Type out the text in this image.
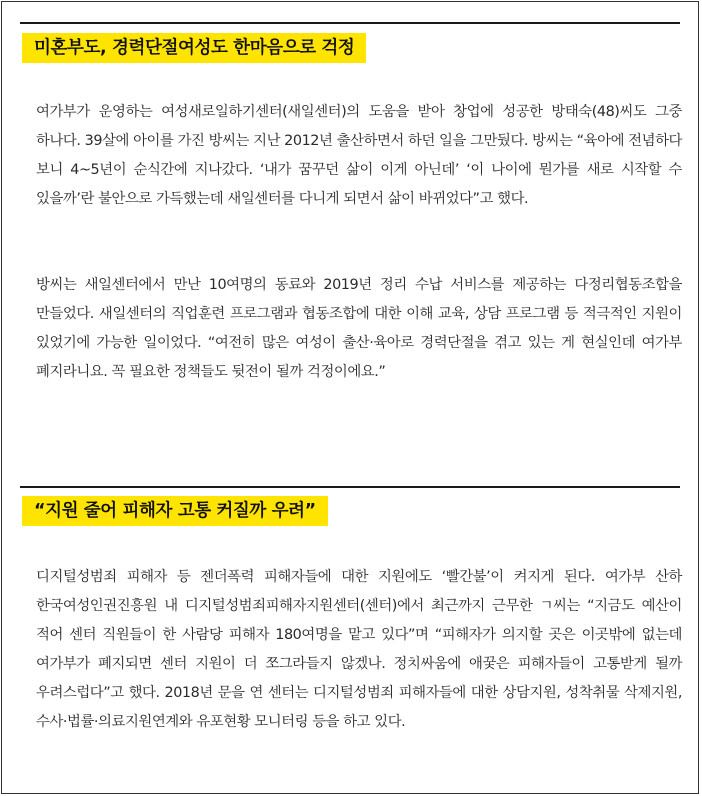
미혼부도, 경력단절여성도 한마음으로 걱정

여가부가 운영하는 여성새로일하기센터(새일센터)의 도움을 받아 창업에 성공한 방태숙(48)씨도 그중 하나다. 39살에 아이를 가진 방씨는 지난 2012년 출산하면서 하던 일을 그만뒀다. 방씨는 “육아에 전념하다 보니 4~5년이 순식간에 지나갔다. ‘내가 꿈꾸던 삶이 이게 아닌데’ ‘이 나이에 뭔가를 새로 시작할 수 있을까’란 불안으로 가득했는데 새일센터를 다니게 되면서 삶이 바뀌었다”고 했다.

방씨는 새일센터에서 만난 10여명의 동료와 2019년 정리 수납 서비스를 제공하는 다정리협동조합을 만들었다. 새일센터의 직업훈련 프로그램과 협동조합에 대한 이해 교육, 상담 프로그램 등 적극적인 지원이 있었기에 가능한 일이었다. “여전히 많은 여성이 출산·육아로 경력단절을 겪고 있는 게 현실인데 여가부 폐지라니요. 꼭 필요한 정책들도 뒷전이 될까 걱정이에요.”

“지원 줄어 피해자 고통 커질까 우려”

디지털성범죄 피해자 등 젠더폭력 피해자들에 대한 지원에도 ‘빨간불’이 켜지게 된다. 여가부 산하 한국여성인권진흥원 내 디지털성범죄피해자지원센터(센터)에서 최근까지 근무한 ㄱ씨는 “지금도 예산이 적어 센터 직원들이 한 사람당 피해자 180여명을 맡고 있다”며 “피해자가 의지할 곳은 이곳밖에 없는데 여가부가 폐지되면 센터 지원이 더 쪼그라들지 않겠나. 정치싸움에 애꿎은 피해자들이 고통받게 될까 우려스럽다”고 했다. 2018년 문을 연 센터는 디지털성범죄 피해자들에 대한 상담지원, 성착취물 삭제지원, 수사·법률·의료지원연계와 유포현황 모니터링 등을 하고 있다.
